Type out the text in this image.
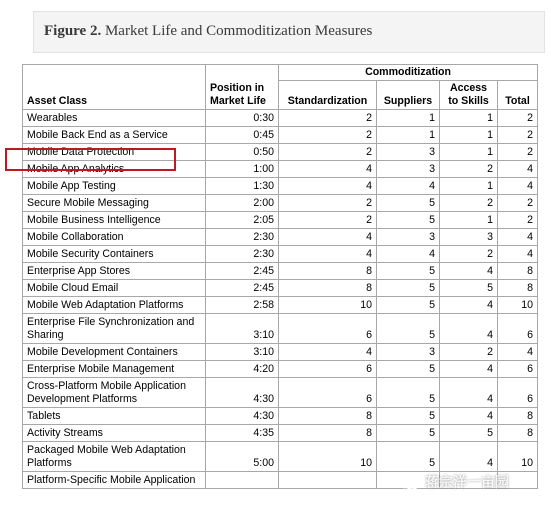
Figure 2. Market Life and Commoditization Measures
Asset Class	Position in Market Life	Commoditization			
		Standardization	Suppliers	Access to Skills	Total
Wearables	0:30	2	1	1	2
Mobile Back End as a Service	0:45	2	1	1	2
Mobile Data Protection	0:50	2	3	1	2
Mobile App Analytics	1:00	4	3	2	4
Mobile App Testing	1:30	4	4	1	4
Secure Mobile Messaging	2:00	2	5	2	2
Mobile Business Intelligence	2:05	2	5	1	2
Mobile Collaboration	2:30	4	3	3	4
Mobile Security Containers	2:30	4	4	2	4
Enterprise App Stores	2:45	8	5	4	8
Mobile Cloud Email	2:45	8	5	5	8
Mobile Web Adaptation Platforms	2:58	10	5	4	10
Enterprise File Synchronization and Sharing	3:10	6	5	4	6
Mobile Development Containers	3:10	4	3	2	4
Enterprise Mobile Management	4:20	6	5	4	6
Cross-Platform Mobile Application Development Platforms	4:30	6	5	4	6
Tablets	4:30	8	5	4	8
Activity Streams	4:35	8	5	5	8
Packaged Mobile Web Adaptation Platforms	5:00	10	5	4	10
Platform-Specific Mobile Application						蒋宗洋一亩园
